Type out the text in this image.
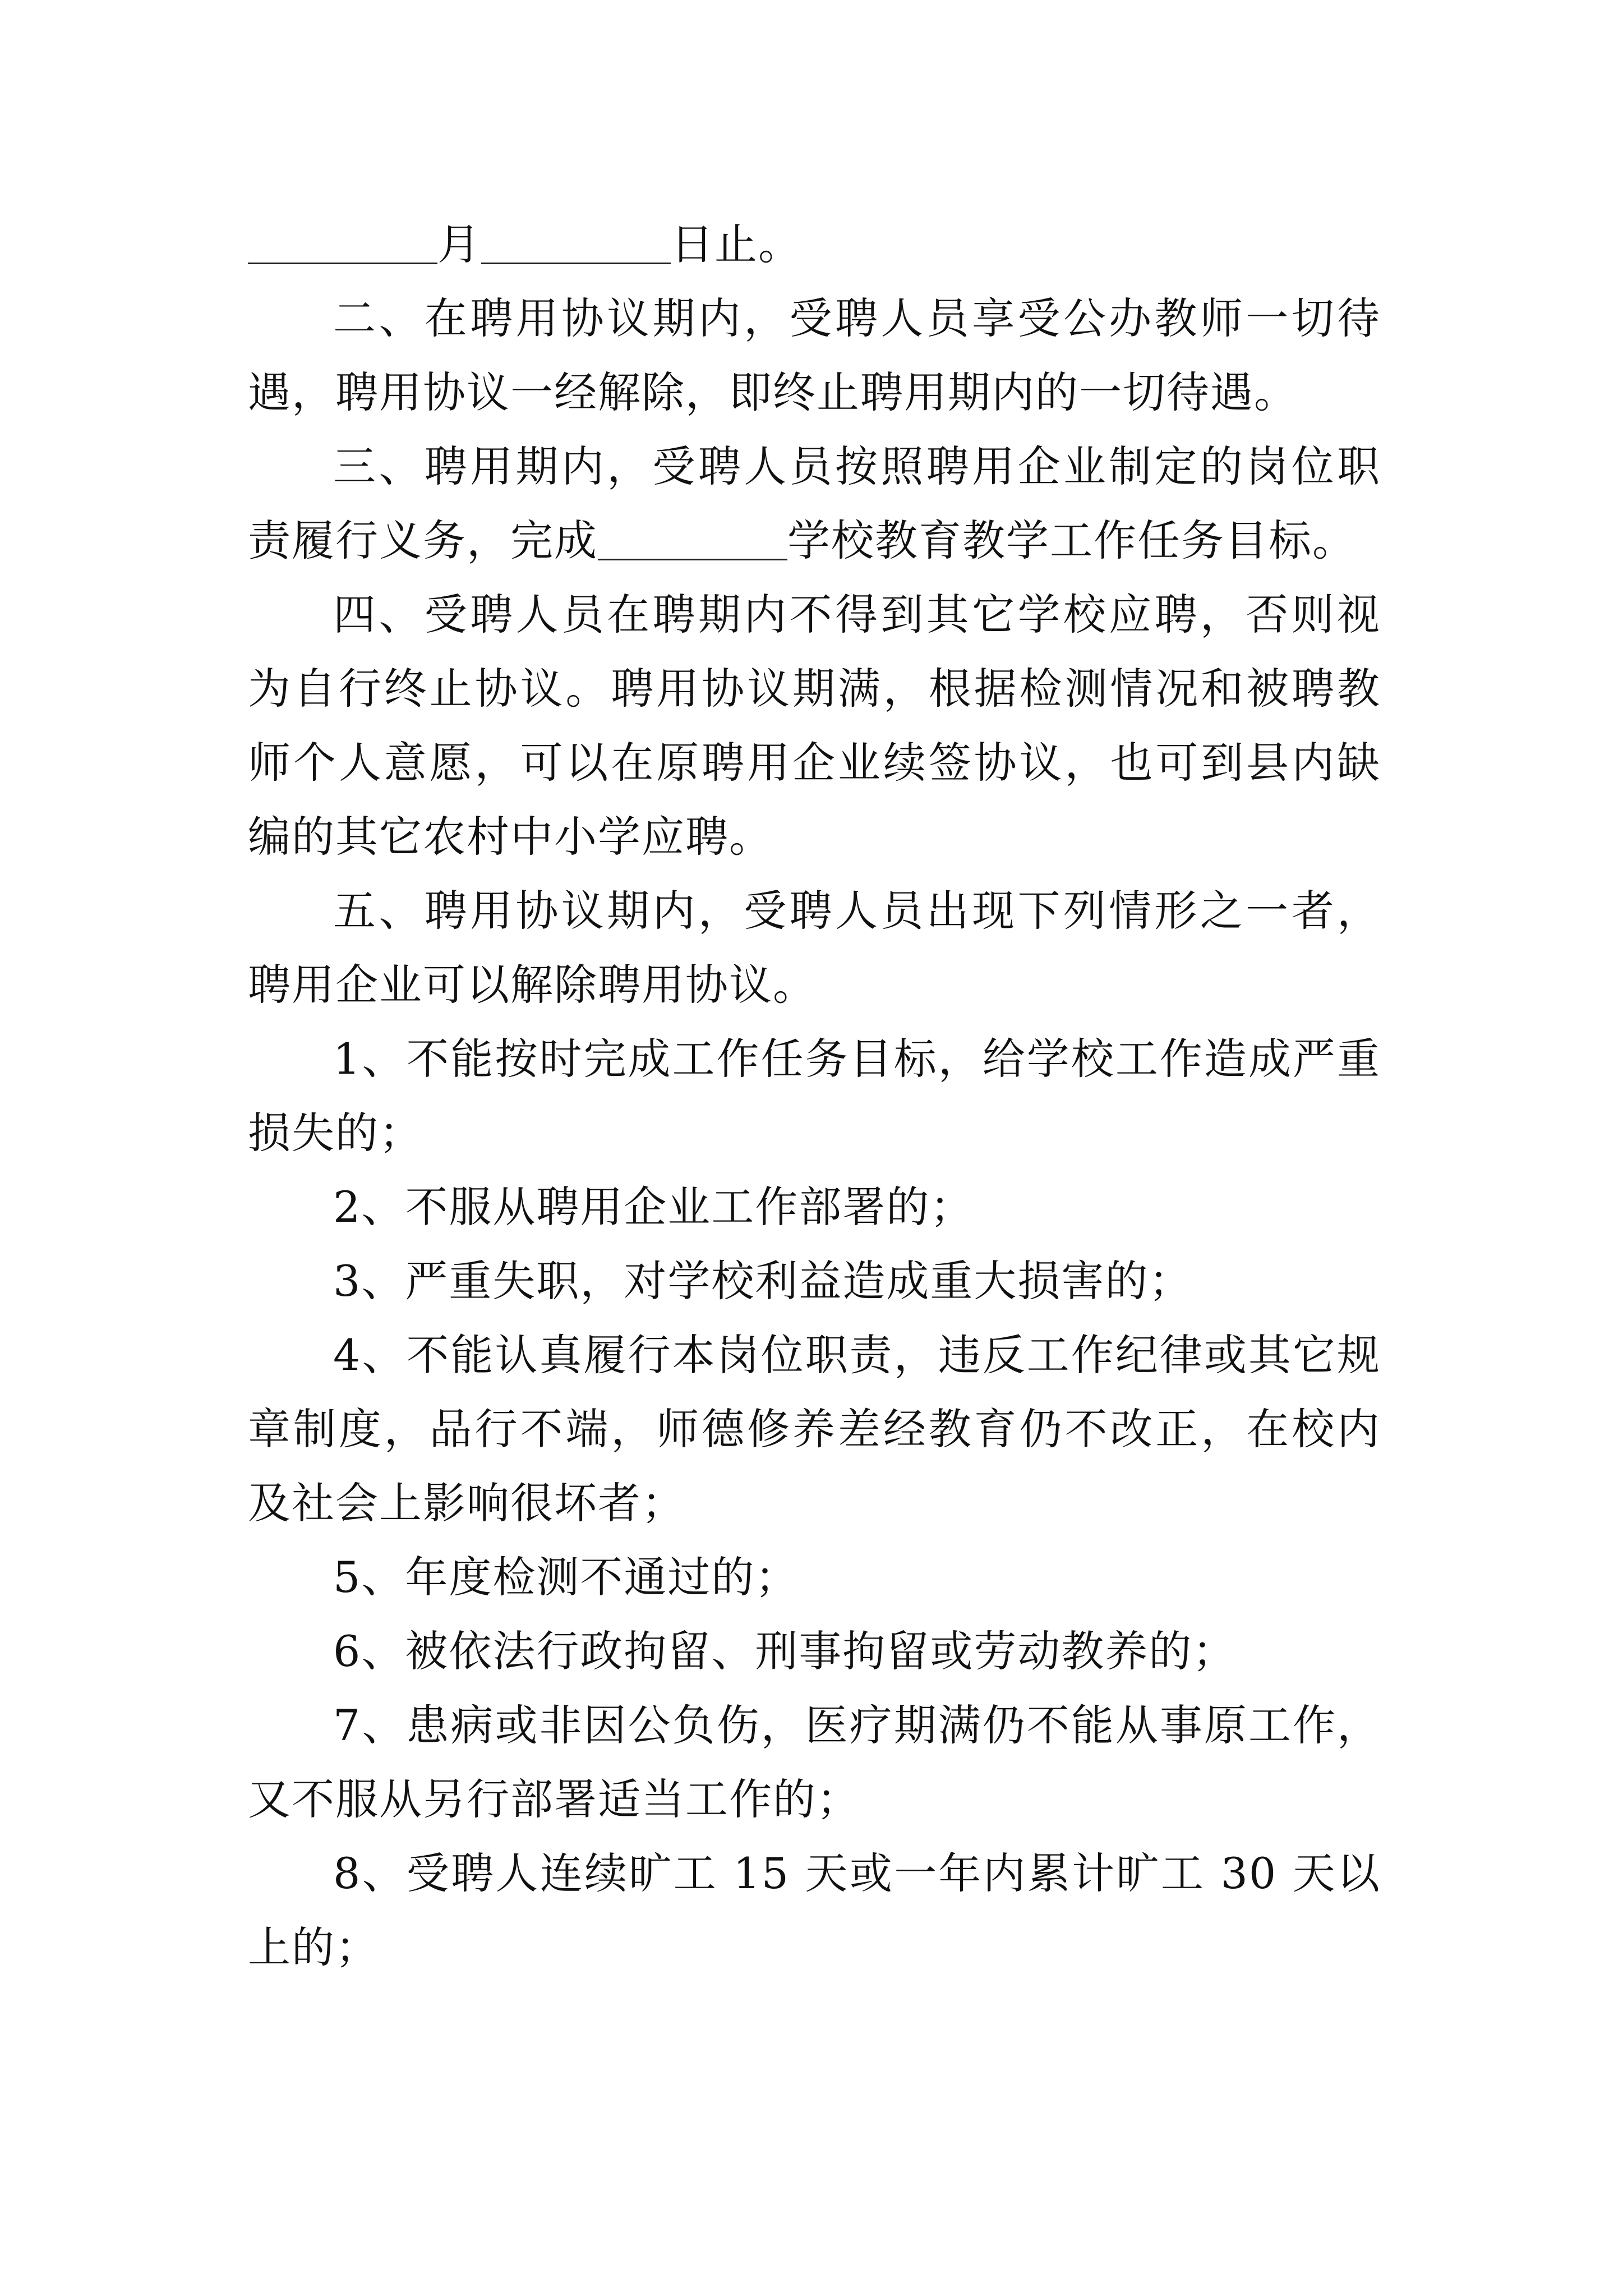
月	日止。

二、在聘用协议期内，受聘人员享受公办教师一切待遇，聘用协议一经解除，即终止聘用期内的一切待遇。

三、聘用期内，受聘人员按照聘用企业制定的岗位职责履行义务，完成	学校教育教学工作任务目标。

四、受聘人员在聘期内不得到其它学校应聘，否则视为自行终止协议。聘用协议期满，根据检测情况和被聘教师个人意愿，可以在原聘用企业续签协议，也可到县内缺编的其它农村中小学应聘。

五、聘用协议期内，受聘人员出现下列情形之一者，聘用企业可以解除聘用协议。

1、不能按时完成工作任务目标，给学校工作造成严重损失的；

2、不服从聘用企业工作部署的；

3、严重失职，对学校利益造成重大损害的；

4、不能认真履行本岗位职责，违反工作纪律或其它规章制度，品行不端，师德修养差经教育仍不改正，在校内及社会上影响很坏者；

5、年度检测不通过的；

6、被依法行政拘留、刑事拘留或劳动教养的；

7、患病或非因公负伤，医疗期满仍不能从事原工作，又不服从另行部署适当工作的；

8、受聘人连续旷工 15 天或一年内累计旷工 30 天以上的；
